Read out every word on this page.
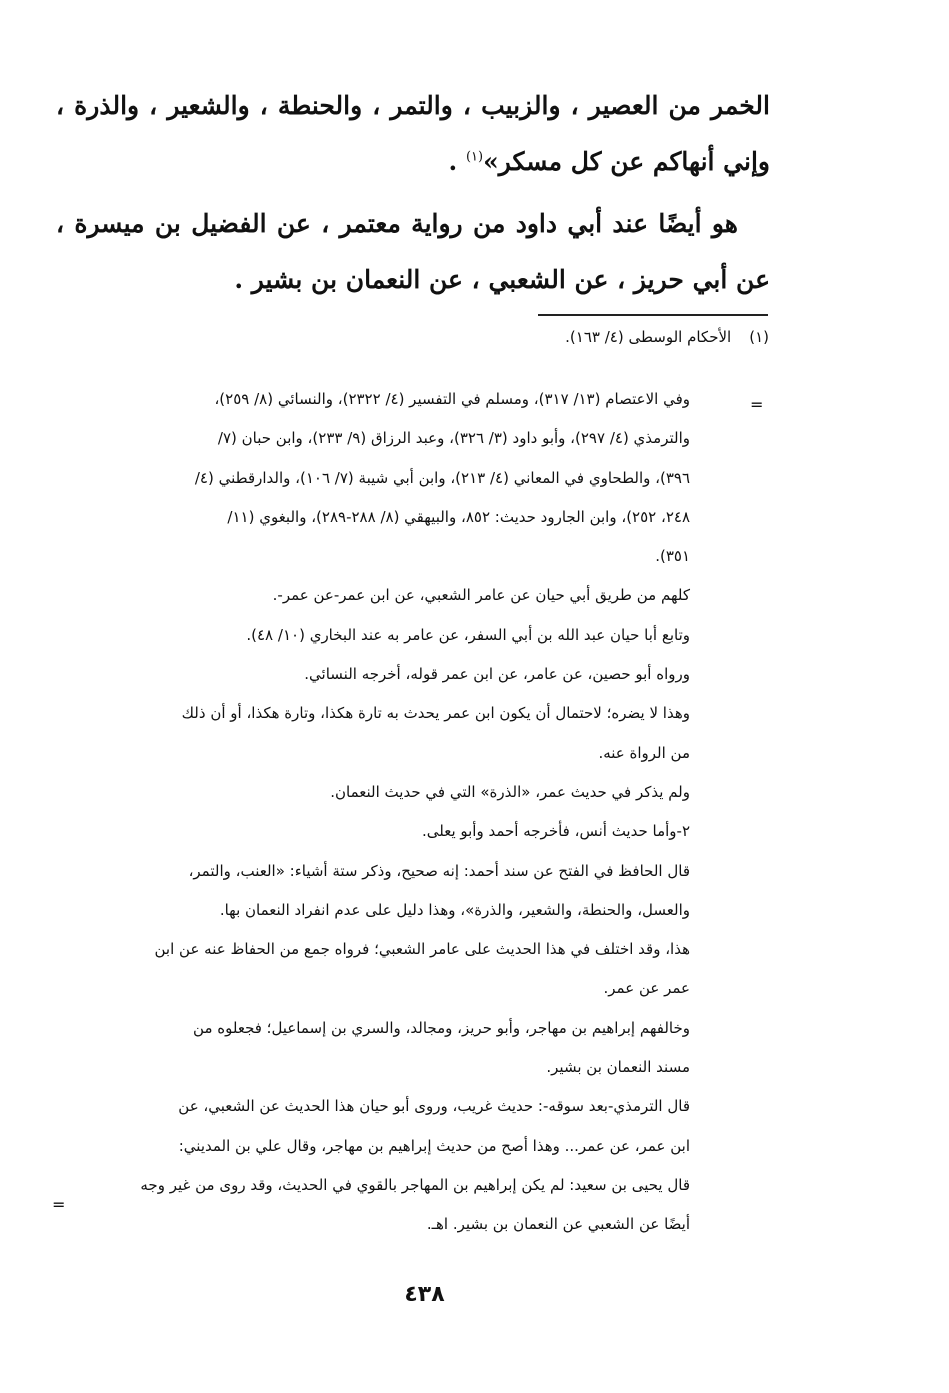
الخمر من العصير ، والزبيب ، والتمر ، والحنطة ، والشعير ، والذرة ، وإني أنهاكم عن كل مسكر»$^{(١)}$ .

هو أيضًا عند أبي داود من رواية معتمر ، عن الفضيل بن ميسرة ، عن أبي حريز ، عن الشعبي ، عن النعمان بن بشير .

(١)الأحكام الوسطى (٤/ ١٦٣).
=

وفي الاعتصام (١٣/ ٣١٧)، ومسلم في التفسير (٤/ ٢٣٢٢)، والنسائي (٨/ ٢٥٩)،

والترمذي (٤/ ٢٩٧)، وأبو داود (٣/ ٣٢٦)، وعبد الرزاق (٩/ ٢٣٣)، وابن حبان (٧/

٣٩٦)، والطحاوي في المعاني (٤/ ٢١٣)، وابن أبي شيبة (٧/ ١٠٦)، والدارقطني (٤/

٢٤٨، ٢٥٢)، وابن الجارود حديث: ٨٥٢، والبيهقي (٨/ ٢٨٨-٢٨٩)، والبغوي (١١/

٣٥١).

كلهم من طريق أبي حيان عن عامر الشعبي، عن ابن عمر-عن عمر-.

وتابع أبا حيان عبد الله بن أبي السفر، عن عامر به عند البخاري (١٠/ ٤٨).

ورواه أبو حصين، عن عامر، عن ابن عمر قوله، أخرجه النسائي.

وهذا لا يضره؛ لاحتمال أن يكون ابن عمر يحدث به تارة هكذا، وتارة هكذا، أو أن ذلك

من الرواة عنه.

ولم يذكر في حديث عمر، «الذرة» التي في حديث النعمان.

٢-وأما حديث أنس، فأخرجه أحمد وأبو يعلى.

قال الحافظ في الفتح عن سند أحمد: إنه صحيح، وذكر ستة أشياء: «العنب، والتمر،

والعسل، والحنطة، والشعير، والذرة»، وهذا دليل على عدم انفراد النعمان بها.

هذا، وقد اختلف في هذا الحديث على عامر الشعبي؛ فرواه جمع من الحفاظ عنه عن ابن

عمر عن عمر.

وخالفهم إبراهيم بن مهاجر، وأبو حريز، ومجالد، والسري بن إسماعيل؛ فجعلوه من

مسند النعمان بن بشير.

قال الترمذي-بعد سوقه-: حديث غريب، وروى أبو حيان هذا الحديث عن الشعبي، عن

ابن عمر، عن عمر... وهذا أصح من حديث إبراهيم بن مهاجر، وقال علي بن المديني:

قال يحيى بن سعيد: لم يكن إبراهيم بن المهاجر بالقوي في الحديث، وقد روى من غير وجه

أيضًا عن الشعبي عن النعمان بن بشير. اهـ.

=
٤٣٨
